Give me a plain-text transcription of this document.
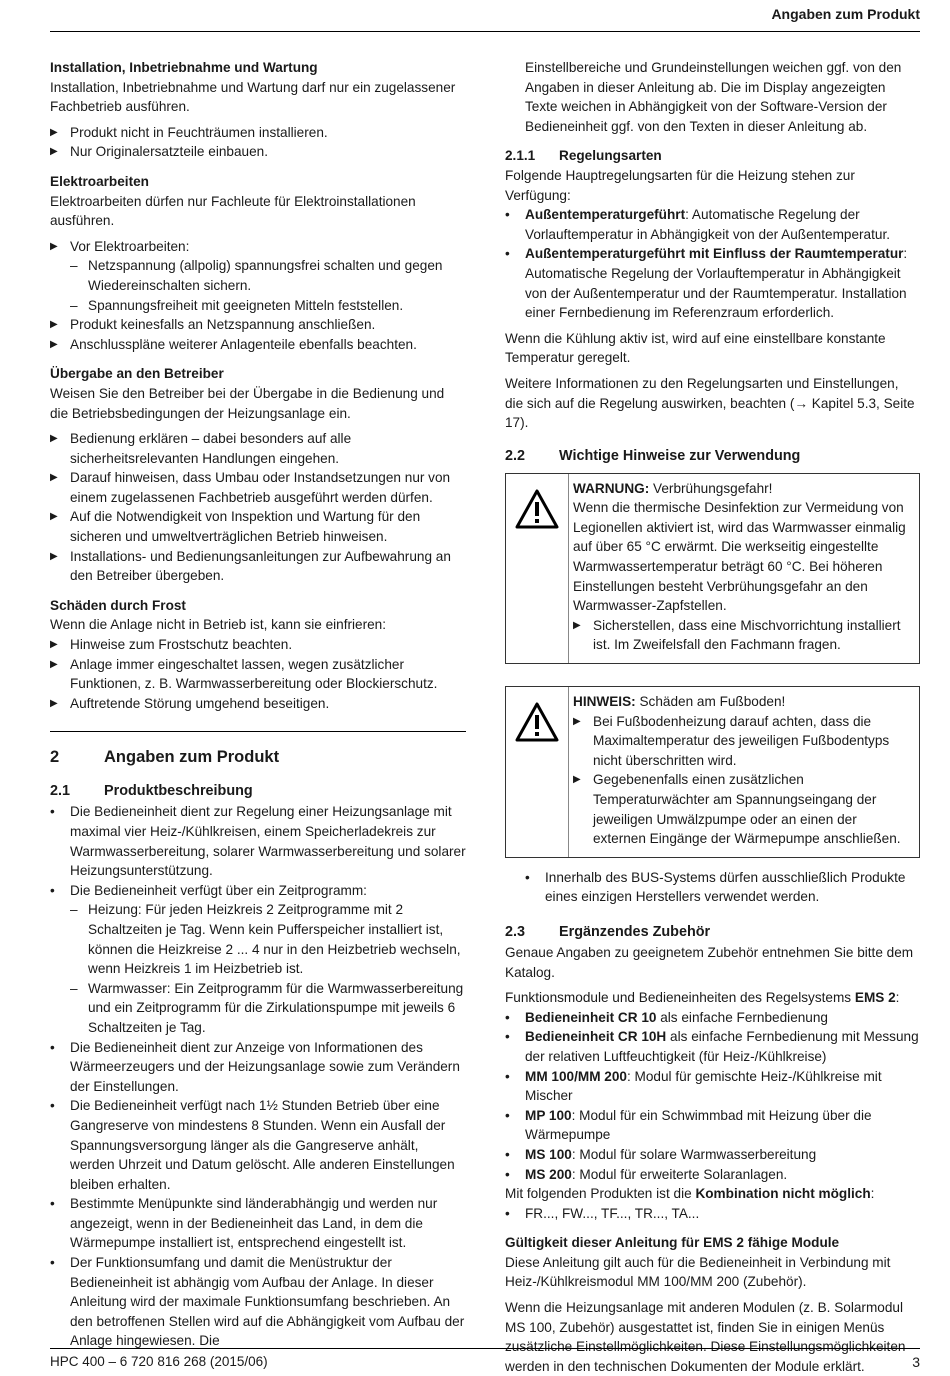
Angaben zum Produkt

Installation, Inbetriebnahme und Wartung

Installation, Inbetriebnahme und Wartung darf nur ein zugelassener Fachbetrieb ausführen.

▶ Produkt nicht in Feuchträumen installieren.
▶ Nur Originalersatzteile einbauen.

Elektroarbeiten

Elektroarbeiten dürfen nur Fachleute für Elektroinstallationen ausführen.

▶ Vor Elektroarbeiten:
– Netzspannung (allpolig) spannungsfrei schalten und gegen Wiedereinschalten sichern.
– Spannungsfreiheit mit geeigneten Mitteln feststellen.
▶ Produkt keinesfalls an Netzspannung anschließen.
▶ Anschlusspläne weiterer Anlagenteile ebenfalls beachten.

Übergabe an den Betreiber

Weisen Sie den Betreiber bei der Übergabe in die Bedienung und die Betriebsbedingungen der Heizungsanlage ein.

▶ Bedienung erklären – dabei besonders auf alle sicherheitsrelevanten Handlungen eingehen.
▶ Darauf hinweisen, dass Umbau oder Instandsetzungen nur von einem zugelassenen Fachbetrieb ausgeführt werden dürfen.
▶ Auf die Notwendigkeit von Inspektion und Wartung für den sicheren und umweltverträglichen Betrieb hinweisen.
▶ Installations- und Bedienungsanleitungen zur Aufbewahrung an den Betreiber übergeben.

Schäden durch Frost

Wenn die Anlage nicht in Betrieb ist, kann sie einfrieren:

▶ Hinweise zum Frostschutz beachten.
▶ Anlage immer eingeschaltet lassen, wegen zusätzlicher Funktionen, z. B. Warmwasserbereitung oder Blockierschutz.
▶ Auftretende Störung umgehend beseitigen.
2	Angaben zum Produkt
2.1	Produktbeschreibung
• Die Bedieneinheit dient zur Regelung einer Heizungsanlage mit maximal vier Heiz-/Kühlkreisen, einem Speicherladekreis zur Warmwasserbereitung, solarer Warmwasserbereitung und solarer Heizungsunterstützung.
• Die Bedieneinheit verfügt über ein Zeitprogramm:
– Heizung: Für jeden Heizkreis 2 Zeitprogramme mit 2 Schaltzeiten je Tag. Wenn kein Pufferspeicher installiert ist, können die Heizkreise 2 ... 4 nur in den Heizbetrieb wechseln, wenn Heizkreis 1 im Heizbetrieb ist.
– Warmwasser: Ein Zeitprogramm für die Warmwasserbereitung und ein Zeitprogramm für die Zirkulationspumpe mit jeweils 6 Schaltzeiten je Tag.
• Die Bedieneinheit dient zur Anzeige von Informationen des Wärmeerzeugers und der Heizungsanlage sowie zum Verändern der Einstellungen.
• Die Bedieneinheit verfügt nach 1½ Stunden Betrieb über eine Gangreserve von mindestens 8 Stunden. Wenn ein Ausfall der Spannungsversorgung länger als die Gangreserve anhält, werden Uhrzeit und Datum gelöscht. Alle anderen Einstellungen bleiben erhalten.
• Bestimmte Menüpunkte sind länderabhängig und werden nur angezeigt, wenn in der Bedieneinheit das Land, in dem die Wärmepumpe installiert ist, entsprechend eingestellt ist.
• Der Funktionsumfang und damit die Menüstruktur der Bedieneinheit ist abhängig vom Aufbau der Anlage. In dieser Anleitung wird der maximale Funktionsumfang beschrieben. An den betroffenen Stellen wird auf die Abhängigkeit vom Aufbau der Anlage hingewiesen. Die

Einstellbereiche und Grundeinstellungen weichen ggf. von den Angaben in dieser Anleitung ab. Die im Display angezeigten Texte weichen in Abhängigkeit von der Software-Version der Bedieneinheit ggf. von den Texten in dieser Anleitung ab.

2.1.1	Regelungsarten

Folgende Hauptregelungsarten für die Heizung stehen zur Verfügung:

• Außentemperaturgeführt: Automatische Regelung der Vorlauftemperatur in Abhängigkeit von der Außentemperatur.
• Außentemperaturgeführt mit Einfluss der Raumtemperatur: Automatische Regelung der Vorlauftemperatur in Abhängigkeit von der Außentemperatur und der Raumtemperatur. Installation einer Fernbedienung im Referenzraum erforderlich.

Wenn die Kühlung aktiv ist, wird auf eine einstellbare konstante Temperatur geregelt.

Weitere Informationen zu den Regelungsarten und Einstellungen, die sich auf die Regelung auswirken, beachten (→ Kapitel 5.3, Seite 17).

2.2	Wichtige Hinweise zur Verwendung

WARNUNG: Verbrühungsgefahr!

Wenn die thermische Desinfektion zur Vermeidung von Legionellen aktiviert ist, wird das Warmwasser einmalig auf über 65 °C erwärmt. Die werkseitig eingestellte Warmwassertemperatur beträgt 60 °C. Bei höheren Einstellungen besteht Verbrühungsgefahr an den Warmwasser-Zapfstellen.

▶ Sicherstellen, dass eine Mischvorrichtung installiert ist. Im Zweifelsfall den Fachmann fragen.

HINWEIS: Schäden am Fußboden!

▶ Bei Fußbodenheizung darauf achten, dass die Maximaltemperatur des jeweiligen Fußbodentyps nicht überschritten wird.
▶ Gegebenenfalls einen zusätzlichen Temperaturwächter am Spannungseingang der jeweiligen Umwälzpumpe oder an einen der externen Eingänge der Wärmepumpe anschließen.
• Innerhalb des BUS-Systems dürfen ausschließlich Produkte eines einzigen Herstellers verwendet werden.
2.3	Ergänzendes Zubehör

Genaue Angaben zu geeignetem Zubehör entnehmen Sie bitte dem Katalog.

Funktionsmodule und Bedieneinheiten des Regelsystems EMS 2:

• Bedieneinheit CR 10 als einfache Fernbedienung
• Bedieneinheit CR 10H als einfache Fernbedienung mit Messung der relativen Luftfeuchtigkeit (für Heiz-/Kühlkreise)
• MM 100/MM 200: Modul für gemischte Heiz-/Kühlkreise mit Mischer
• MP 100: Modul für ein Schwimmbad mit Heizung über die Wärmepumpe
• MS 100: Modul für solare Warmwasserbereitung
• MS 200: Modul für erweiterte Solaranlagen.

Mit folgenden Produkten ist die Kombination nicht möglich:

• FR..., FW..., TF..., TR..., TA...

Gültigkeit dieser Anleitung für EMS 2 fähige Module

Diese Anleitung gilt auch für die Bedieneinheit in Verbindung mit Heiz-/Kühlkreismodul MM 100/MM 200 (Zubehör).

Wenn die Heizungsanlage mit anderen Modulen (z. B. Solarmodul MS 100, Zubehör) ausgestattet ist, finden Sie in einigen Menüs zusätzliche Einstellmöglichkeiten. Diese Einstellungsmöglichkeiten werden in den technischen Dokumenten der Module erklärt.

HPC 400 – 6 720 816 268 (2015/06)	3
